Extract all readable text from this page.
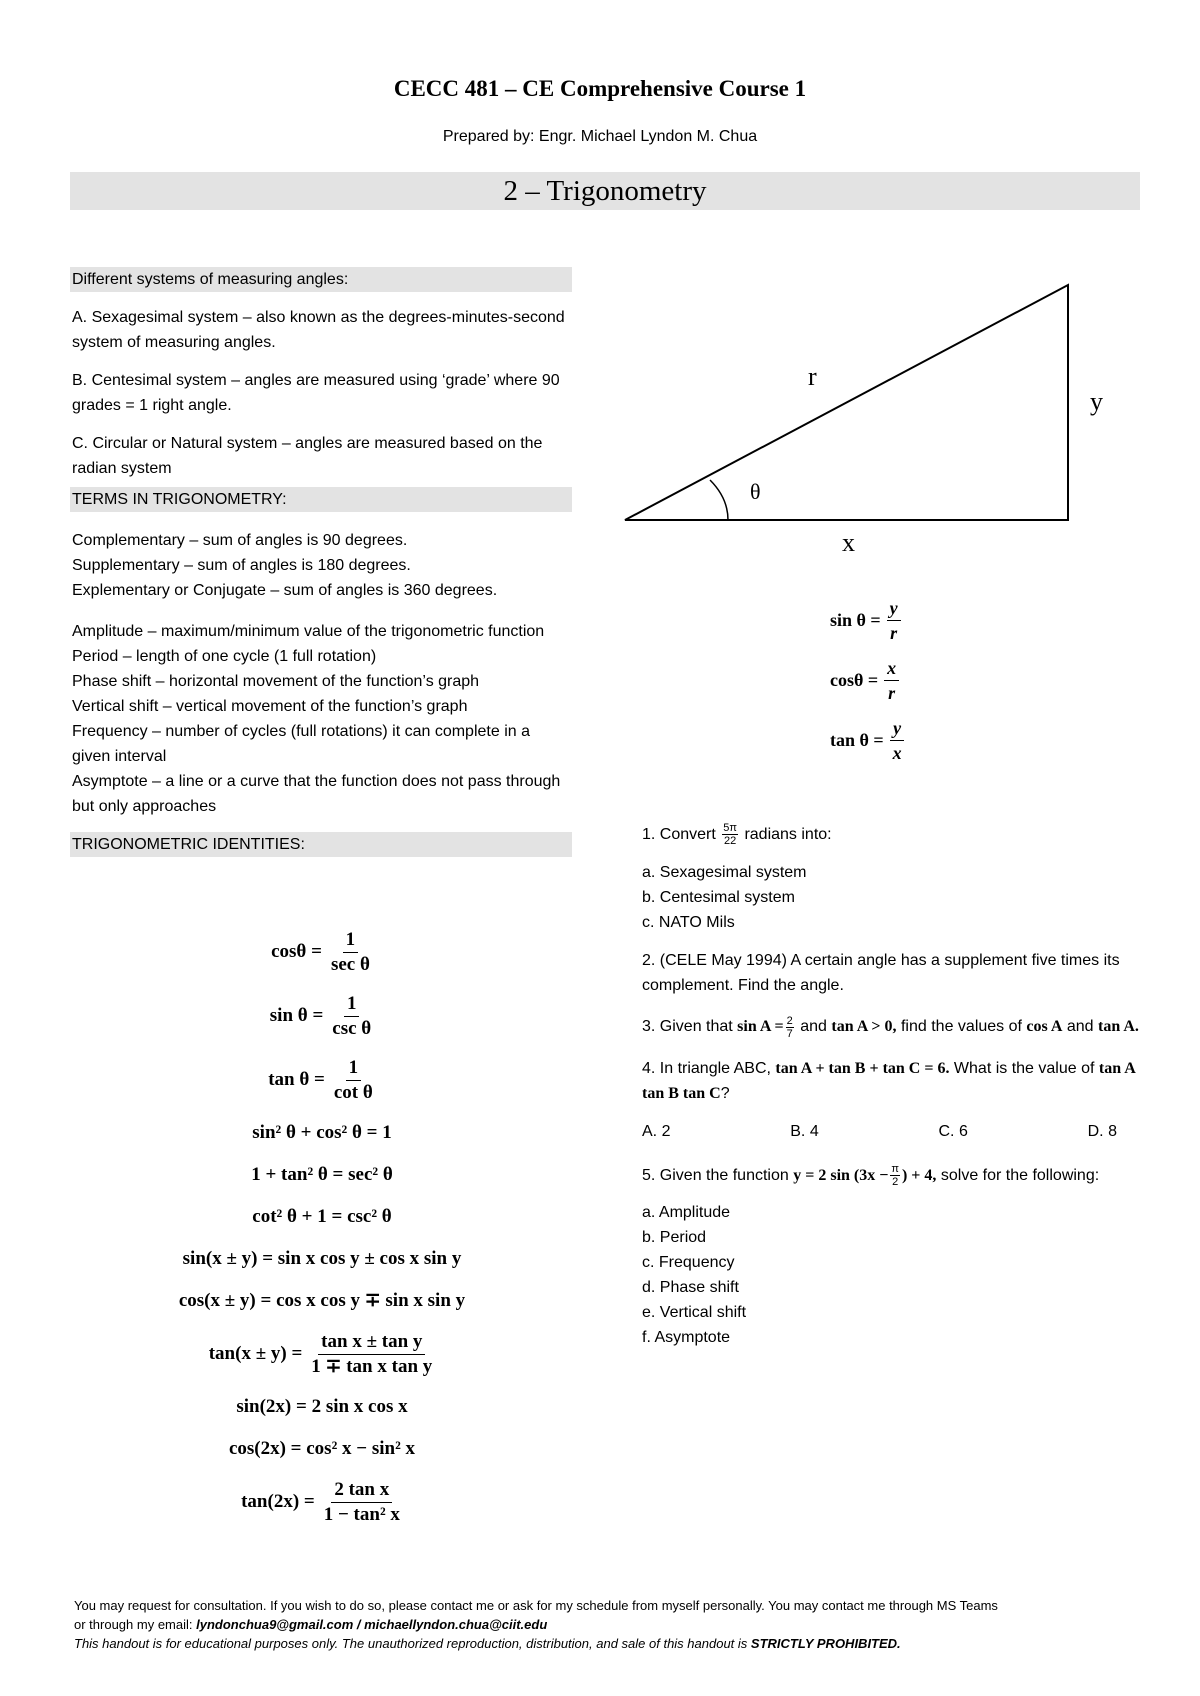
CECC 481 – CE Comprehensive Course 1
Prepared by: Engr. Michael Lyndon M. Chua
2 – Trigonometry
Different systems of measuring angles:

A. Sexagesimal system – also known as the degrees-minutes-second system of measuring angles.

B. Centesimal system – angles are measured using ‘grade’ where 90 grades = 1 right angle.

C. Circular or Natural system – angles are measured based on the radian system

TERMS IN TRIGONOMETRY:

Complementary – sum of angles is 90 degrees.

Supplementary – sum of angles is 180 degrees.

Explementary or Conjugate – sum of angles is 360 degrees.

Amplitude – maximum/minimum value of the trigonometric function

Period – length of one cycle (1 full rotation)

Phase shift – horizontal movement of the function’s graph

Vertical shift – vertical movement of the function’s graph

Frequency – number of cycles (full rotations) it can complete in a given interval

Asymptote – a line or a curve that the function does not pass through but only approaches

TRIGONOMETRIC IDENTITIES:
$\cos\theta = \frac{1}{\text{sec θ}}$
$\sin \theta = \frac{1}{\text{csc θ}}$
$\tan \theta = \frac{1}{\text{cot θ}}$
sin² θ + cos² θ = 1
1 + tan² θ = sec² θ
cot² θ + 1 = csc² θ
sin(x ± y) = sin x cos y ± cos x sin y
cos(x ± y) = cos x cos y ∓ sin x sin y
$\tan(x \pm y) = \frac{\text{tan x ± tan y}}{\text{1 ∓ tan x tan y}}$
sin(2x) = 2 sin x cos x
cos(2x) = cos² x − sin² x
$\tan(2x) = \frac{\text{2 tan x}}{\text{1 − tan² x}}$
r
y
x
θ
$\sin \theta = \frac{y}{r}$
$\cos\theta = \frac{x}{r}$
$\tan \theta = \frac{y}{x}$

1. Convert $\frac{5\pi}{22}$ radians into:

a. Sexagesimal system

b. Centesimal system

c. NATO Mils

2. (CELE May 1994) A certain angle has a supplement five times its complement. Find the angle.

3. Given that $\sin A = \frac{2}{7}$ and tan A > 0, find the values of cos A and tan A.

4. In triangle ABC, tan A + tan B + tan C = 6. What is the value of tan A tan B tan C?

A. 2	B. 4	C. 6	D. 8

5. Given the function y = 2 $\sin (3x - \frac{\pi}{2}$ ) + 4, solve for the following:

a. Amplitude

b. Period

c. Frequency

d. Phase shift

e. Vertical shift

f. Asymptote

You may request for consultation. If you wish to do so, please contact me or ask for my schedule from myself personally. You may contact me through MS Teams
or through my email: lyndonchua9@gmail.com / michaellyndon.chua@ciit.edu
This handout is for educational purposes only. The unauthorized reproduction, distribution, and sale of this handout is STRICTLY PROHIBITED.
